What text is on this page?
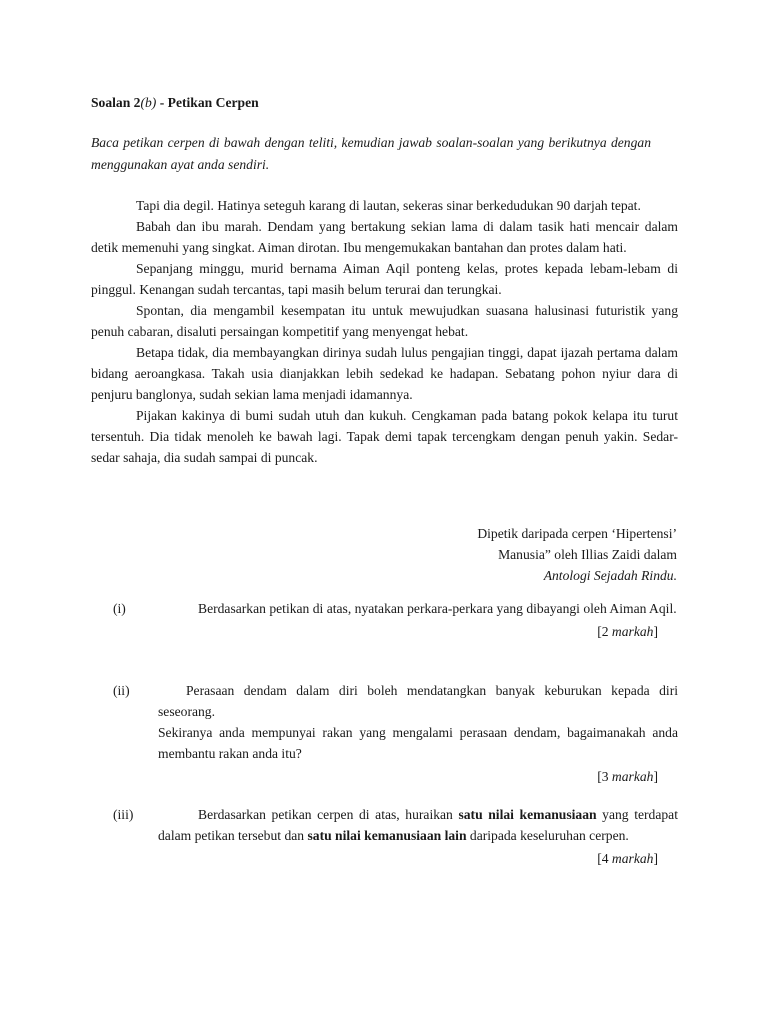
Soalan 2(b) - Petikan Cerpen
Baca petikan cerpen di bawah dengan teliti, kemudian jawab soalan-soalan yang berikutnya dengan menggunakan ayat anda sendiri.

Tapi dia degil. Hatinya seteguh karang di lautan, sekeras sinar berkedudukan 90 darjah tepat.

Babah dan ibu marah. Dendam yang bertakung sekian lama di dalam tasik hati mencair dalam detik memenuhi yang singkat. Aiman dirotan. Ibu mengemukakan bantahan dan protes dalam hati.

Sepanjang minggu, murid bernama Aiman Aqil ponteng kelas, protes kepada lebam-lebam di pinggul. Kenangan sudah tercantas, tapi masih belum terurai dan terungkai.

Spontan, dia mengambil kesempatan itu untuk mewujudkan suasana halusinasi futuristik yang penuh cabaran, disaluti persaingan kompetitif yang menyengat hebat.

Betapa tidak, dia membayangkan dirinya sudah lulus pengajian tinggi, dapat ijazah pertama dalam bidang aeroangkasa. Takah usia dianjakkan lebih sedekad ke hadapan. Sebatang pohon nyiur dara di penjuru banglonya, sudah sekian lama menjadi idamannya.

Pijakan kakinya di bumi sudah utuh dan kukuh. Cengkaman pada batang pokok kelapa itu turut tersentuh. Dia tidak menoleh ke bawah lagi. Tapak demi tapak tercengkam dengan penuh yakin. Sedar-sedar sahaja, dia sudah sampai di puncak.

Dipetik daripada cerpen ‘Hipertensi’
Manusia” oleh Illias Zaidi dalam
Antologi Sejadah Rindu.
(i)	Berdasarkan petikan di atas, nyatakan perkara-perkara yang dibayangi oleh Aiman Aqil.

[2 markah]
(ii)	Perasaan dendam dalam diri boleh mendatangkan banyak keburukan kepada diri seseorang.

Sekiranya anda mempunyai rakan yang mengalami perasaan dendam, bagaimanakah anda membantu rakan anda itu?

[3 markah]
(iii)	Berdasarkan petikan cerpen di atas, huraikan satu nilai kemanusiaan yang terdapat dalam petikan tersebut dan satu nilai kemanusiaan lain daripada keseluruhan cerpen.

[4 markah]
